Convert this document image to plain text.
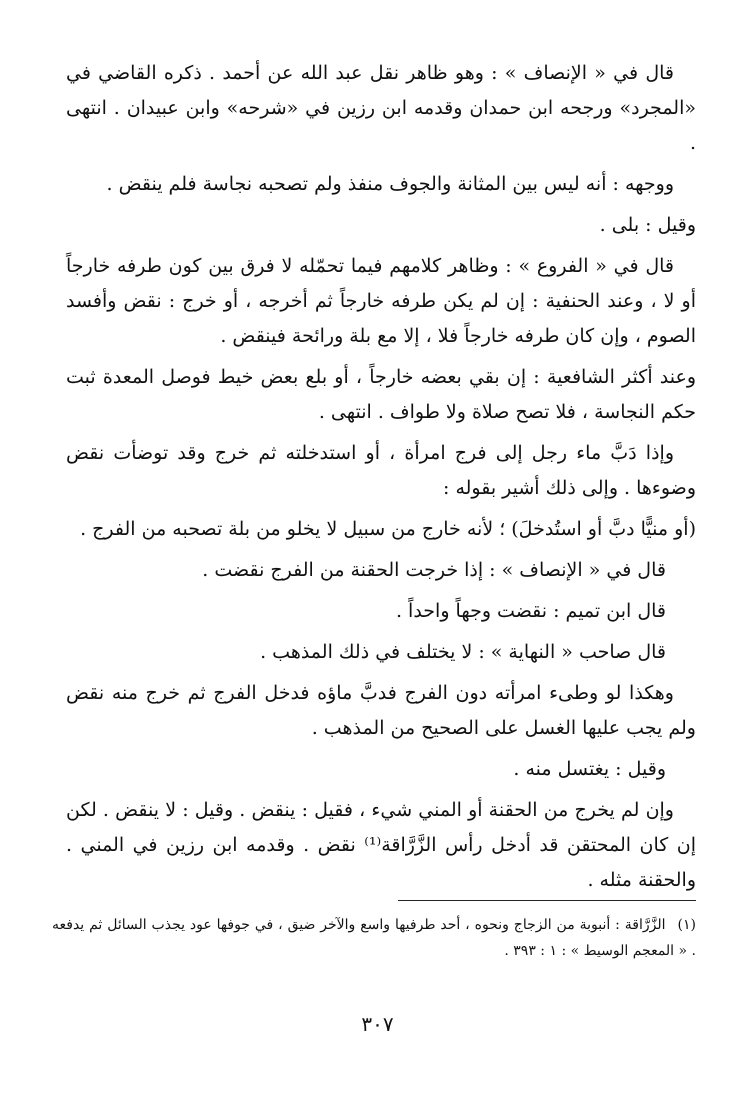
قال في « الإنصاف » : وهو ظاهر نقل عبد الله عن أحمد . ذكره القاضي في «المجرد» ورجحه ابن حمدان وقدمه ابن رزين في «شرحه» وابن عبيدان . انتهى .

ووجهه : أنه ليس بين المثانة والجوف منفذ ولم تصحبه نجاسة فلم ينقض .

وقيل : بلى .

قال في « الفروع » : وظاهر كلامهم فيما تحمّله لا فرق بين كون طرفه خارجاً أو لا ، وعند الحنفية : إن لم يكن طرفه خارجاً ثم أخرجه ، أو خرج : نقض وأفسد الصوم ، وإن كان طرفه خارجاً فلا ، إلا مع بلة ورائحة فينقض .

وعند أكثر الشافعية : إن بقي بعضه خارجاً ، أو بلع بعض خيط فوصل المعدة ثبت حكم النجاسة ، فلا تصح صلاة ولا طواف . انتهى .

وإذا دَبَّ ماء رجل إلى فرج امرأة ، أو استدخلته ثم خرج وقد توضأت نقض وضوءها . وإلى ذلك أشير بقوله :

(أو منيًّا دبَّ أو استُدخلَ) ؛ لأنه خارج من سبيل لا يخلو من بلة تصحبه من الفرج .

قال في « الإنصاف » : إذا خرجت الحقنة من الفرج نقضت .

قال ابن تميم : نقضت وجهاً واحداً .

قال صاحب « النهاية » : لا يختلف في ذلك المذهب .

وهكذا لو وطىء امرأته دون الفرج فدبَّ ماؤه فدخل الفرج ثم خرج منه نقض ولم يجب عليها الغسل على الصحيح من المذهب .

وقيل : يغتسل منه .

وإن لم يخرج من الحقنة أو المني شيء ، فقيل : ينقض . وقيل : لا ينقض . لكن إن كان المحتقن قد أدخل رأس الزَّرَّاقة⁽¹⁾ نقض . وقدمه ابن رزين في المني . والحقنة مثله .

(١)الزَّرَّاقة : أنبوبة من الزجاج ونحوه ، أحد طرفيها واسع والآخر ضيق ، في جوفها عود يجذب السائل ثم يدفعه . « المعجم الوسيط » : ١ : ٣٩٣ .
٣٠٧
